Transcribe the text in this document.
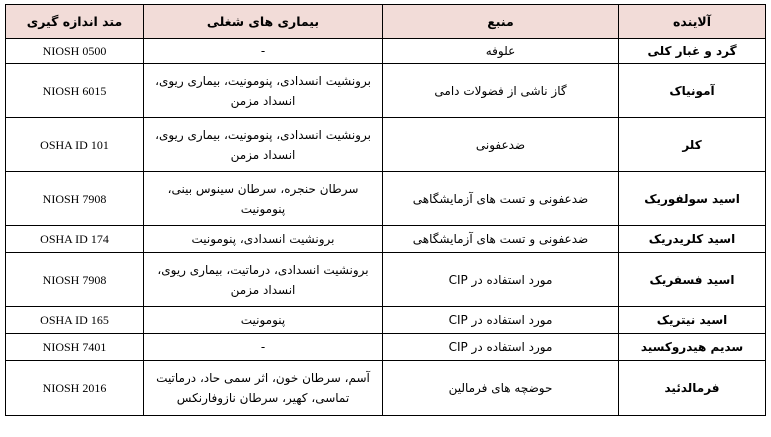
آلاینده	منبع	بیماری های شغلی	متد اندازه گیری
گرد و غبار کلی	علوفه	-	NIOSH 0500
آمونیاک	گاز ناشی از فضولات دامی	برونشیت انسدادی، پنومونیت، بیماری ریوی، انسداد مزمن	NIOSH 6015
کلر	ضدعفونی	برونشیت انسدادی، پنومونیت، بیماری ریوی، انسداد مزمن	OSHA ID 101
اسید سولفوریک	ضدعفونی و تست های آزمایشگاهی	سرطان حنجره، سرطان سینوس بینی، پنومونیت	NIOSH 7908
اسید کلریدریک	ضدعفونی و تست های آزمایشگاهی	برونشیت انسدادی، پنومونیت	OSHA ID 174
اسید فسفریک	مورد استفاده در CIP	برونشیت انسدادی، درماتیت، بیماری ریوی، انسداد مزمن	NIOSH 7908
اسید نیتریک	مورد استفاده در CIP	پنومونیت	OSHA ID 165
سدیم هیدروکسید	مورد استفاده در CIP	-	NIOSH 7401
فرمالدئید	حوضچه های فرمالین	آسم، سرطان خون، اثر سمی حاد، درماتیت تماسی، کهیر، سرطان نازوفارنکس	NIOSH 2016
